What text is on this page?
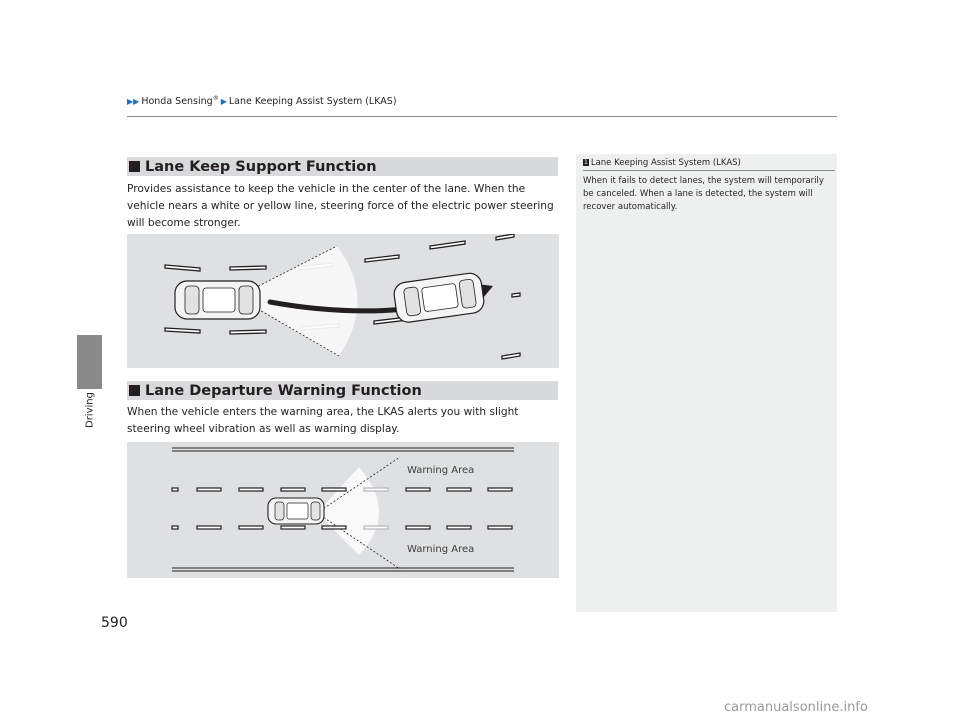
▶▶ Honda Sensing® ▶ Lane Keeping Assist System (LKAS)
Driving
Lane Keep Support Function
Provides assistance to keep the vehicle in the center of the lane. When the vehicle nears a white or yellow line, steering force of the electric power steering will become stronger.
Lane Departure Warning Function
When the vehicle enters the warning area, the LKAS alerts you with slight steering wheel vibration as well as warning display.
Warning Area
Warning Area
1 Lane Keeping Assist System (LKAS)
When it fails to detect lanes, the system will temporarily be canceled. When a lane is detected, the system will recover automatically.
590
carmanualsonline.info
